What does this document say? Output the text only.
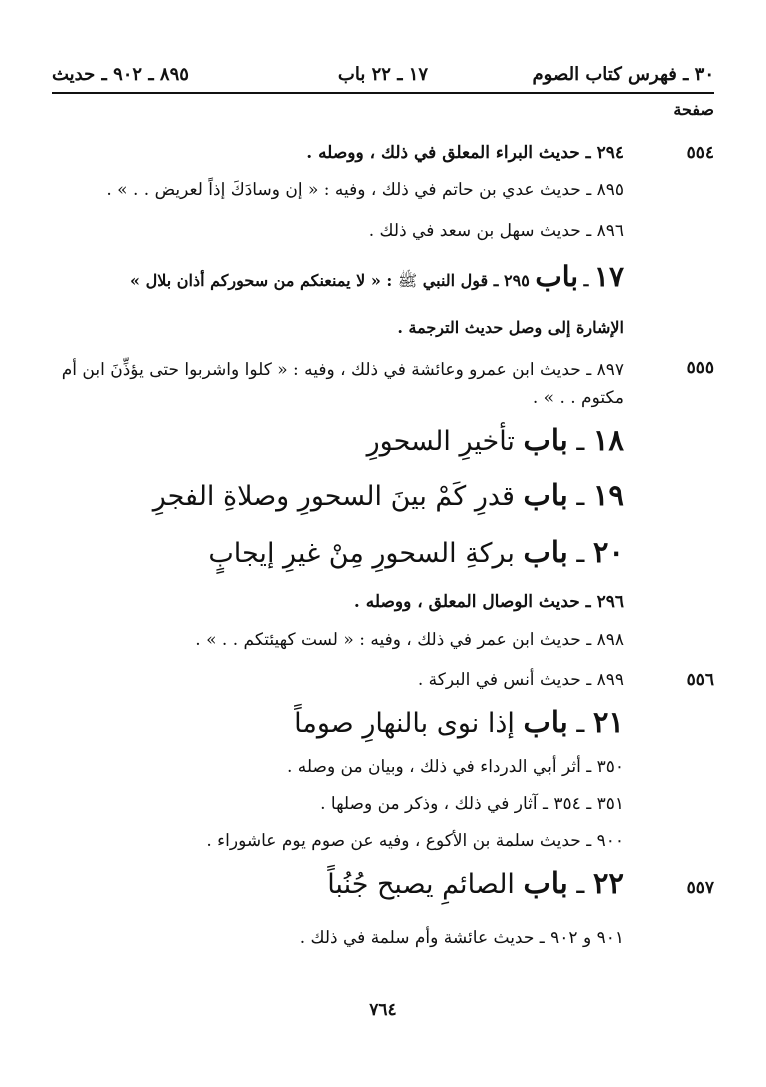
٣٠ ـ فهرس كتاب الصوم
١٧ ـ ٢٢ باب
٨٩٥ ـ ٩٠٢ ـ حديث
صفحة
٥٥٤
٢٩٤ ـ حديث البراء المعلق في ذلك ، ووصله .
٨٩٥ ـ حديث عدي بن حاتم في ذلك ، وفيه : « إن وسادَكَ إذاً لعريض . . » .
٨٩٦ ـ حديث سهل بن سعد في ذلك .
١٧ ـ باب ٢٩٥ ـ قول النبي ﷺ : « لا يمنعنكم من سحوركم أذان بلال »
الإشارة إلى وصل حديث الترجمة .
٥٥٥
٨٩٧ ـ حديث ابن عمرو وعائشة في ذلك ، وفيه : « كلوا واشربوا حتى يؤذِّنَ ابن أم مكتوم . . » .
١٨ ـ باب تأخيرِ السحورِ
١٩ ـ باب قدرِ كَمْ بينَ السحورِ وصلاةِ الفجرِ
٢٠ ـ باب بركةِ السحورِ مِنْ غيرِ إيجابٍ
٢٩٦ ـ حديث الوصال المعلق ، ووصله .
٨٩٨ ـ حديث ابن عمر في ذلك ، وفيه : « لست كهيئتكم . . » .
٥٥٦
٨٩٩ ـ حديث أنس في البركة .
٢١ ـ باب إذا نوى بالنهارِ صوماً
٣٥٠ ـ أثر أبي الدرداء في ذلك ، وبيان من وصله .
٣٥١ ـ ٣٥٤ ـ آثار في ذلك ، وذكر من وصلها .
٩٠٠ ـ حديث سلمة بن الأكوع ، وفيه عن صوم يوم عاشوراء .
٥٥٧
٢٢ ـ باب الصائمِ يصبح جُنُباً
٩٠١ و ٩٠٢ ـ حديث عائشة وأم سلمة في ذلك .
٧٦٤
